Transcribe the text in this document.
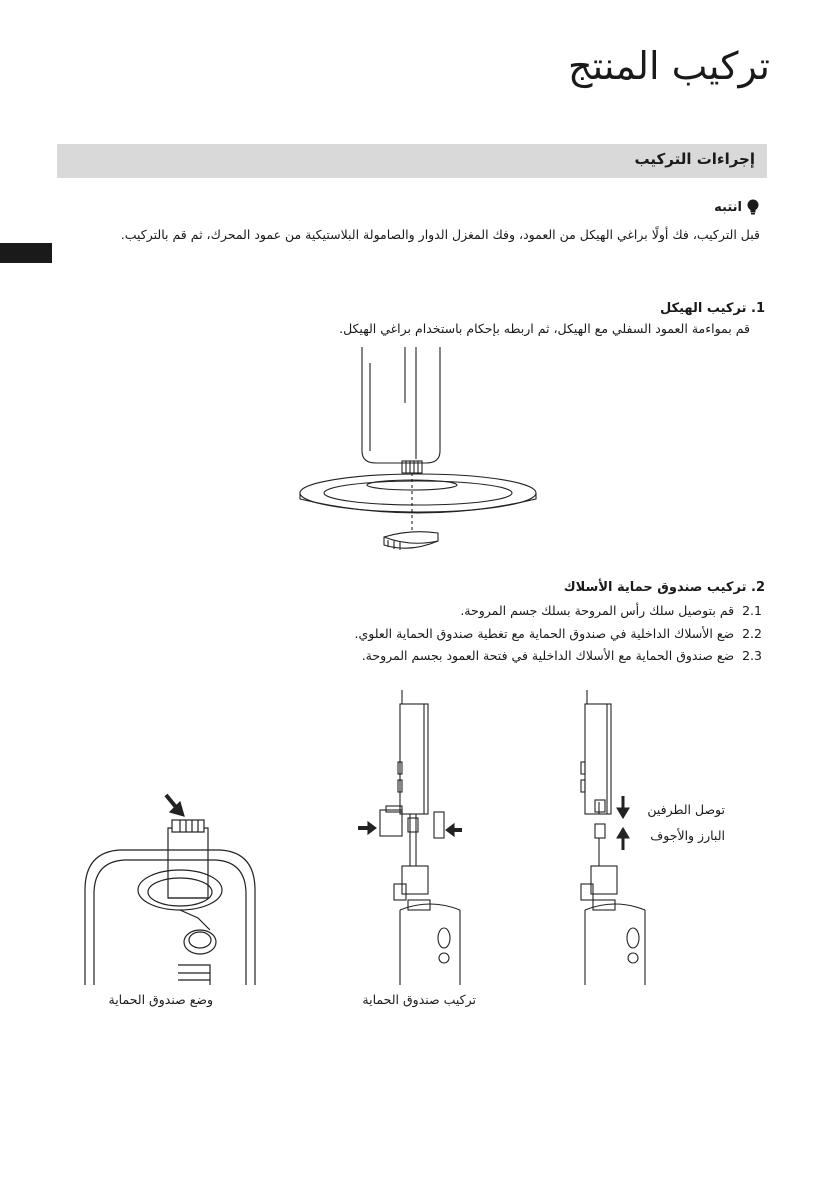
تركيب المنتج
إجراءات التركيب
انتبه
قبل التركيب، فك أولًا براغي الهيكل من العمود، وفك المغزل الدوار والصامولة البلاستيكية من عمود المحرك، ثم قم بالتركيب.
1. تركيب الهيكل
قم بمواءمة العمود السفلي مع الهيكل، ثم اربطه بإحكام باستخدام براغي الهيكل.
2. تركيب صندوق حماية الأسلاك
2.1 قم بتوصيل سلك رأس المروحة بسلك جسم المروحة.
2.2 ضع الأسلاك الداخلية في صندوق الحماية مع تغطية صندوق الحماية العلوي.
2.3 ضع صندوق الحماية مع الأسلاك الداخلية في فتحة العمود بجسم المروحة.
توصل الطرفين
البارز والأجوف
وضع صندوق الحماية	تركيب صندوق الحماية
